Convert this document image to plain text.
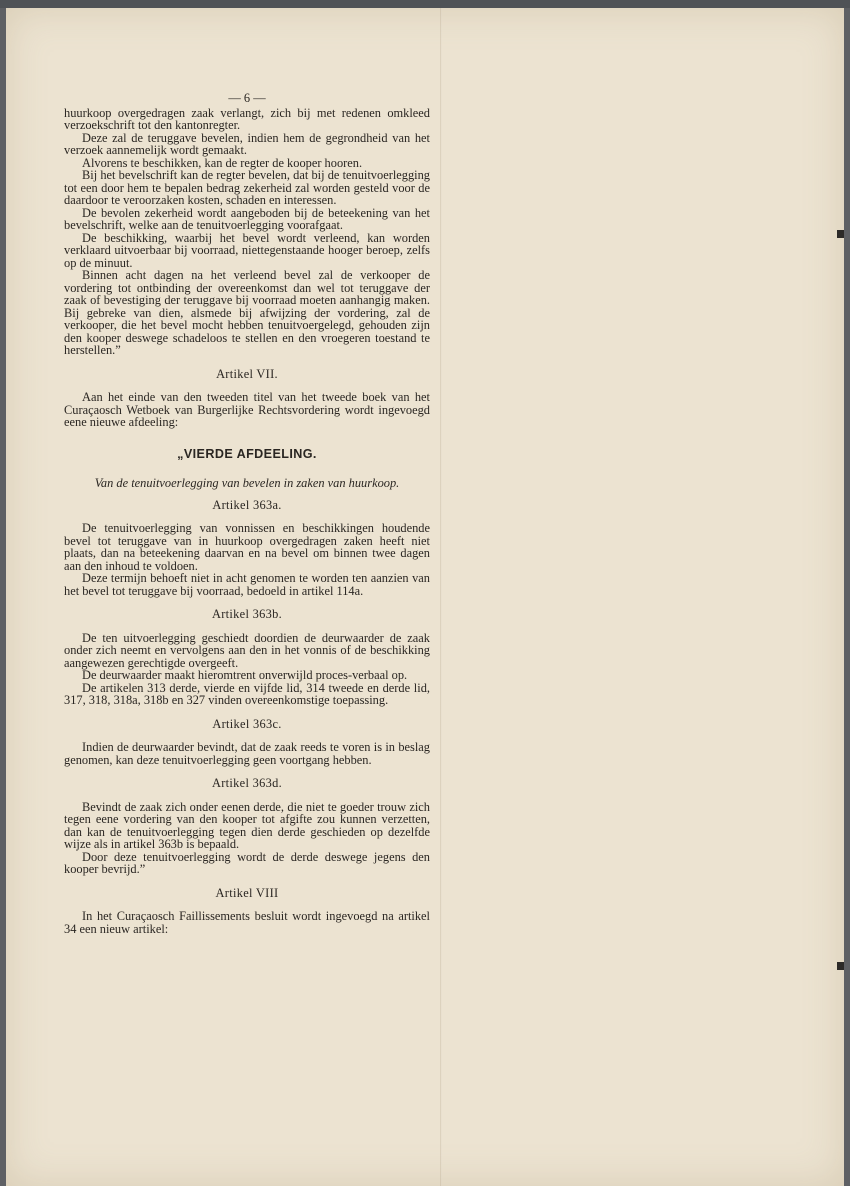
— 6 —

huurkoop overgedragen zaak verlangt, zich bij met redenen omkleed verzoekschrift tot den kantonregter.

Deze zal de teruggave bevelen, indien hem de gegrondheid van het verzoek aannemelijk wordt gemaakt.

Alvorens te beschikken, kan de regter de kooper hooren.

Bij het bevelschrift kan de regter bevelen, dat bij de tenuitvoerlegging tot een door hem te bepalen bedrag zekerheid zal worden gesteld voor de daardoor te veroorzaken kosten, schaden en interessen.

De bevolen zekerheid wordt aangeboden bij de beteekening van het bevelschrift, welke aan de tenuitvoerlegging voorafgaat.

De beschikking, waarbij het bevel wordt verleend, kan worden verklaard uitvoerbaar bij voorraad, niettegenstaande hooger beroep, zelfs op de minuut.

Binnen acht dagen na het verleend bevel zal de verkooper de vordering tot ontbinding der overeenkomst dan wel tot teruggave der zaak of bevestiging der teruggave bij voorraad moeten aanhangig maken. Bij gebreke van dien, alsmede bij afwijzing der vordering, zal de verkooper, die het bevel mocht hebben tenuitvoergelegd, gehouden zijn den kooper deswege schadeloos te stellen en den vroegeren toestand te herstellen.”

Artikel VII.

Aan het einde van den tweeden titel van het tweede boek van het Curaçaosch Wetboek van Burgerlijke Rechtsvordering wordt ingevoegd eene nieuwe afdeeling:

„VIERDE AFDEELING.
Van de tenuitvoerlegging van bevelen in zaken van huurkoop.
Artikel 363a.

De tenuitvoerlegging van vonnissen en beschikkingen houdende bevel tot teruggave van in huurkoop overgedragen zaken heeft niet plaats, dan na beteekening daarvan en na bevel om binnen twee dagen aan den inhoud te voldoen.

Deze termijn behoeft niet in acht genomen te worden ten aanzien van het bevel tot teruggave bij voorraad, bedoeld in artikel 114a.

Artikel 363b.

De ten uitvoerlegging geschiedt doordien de deurwaarder de zaak onder zich neemt en vervolgens aan den in het vonnis of de beschikking aangewezen gerechtigde overgeeft.

De deurwaarder maakt hieromtrent onverwijld proces-verbaal op.

De artikelen 313 derde, vierde en vijfde lid, 314 tweede en derde lid, 317, 318, 318a, 318b en 327 vinden overeenkomstige toepassing.

Artikel 363c.

Indien de deurwaarder bevindt, dat de zaak reeds te voren is in beslag genomen, kan deze tenuitvoerlegging geen voortgang hebben.

Artikel 363d.

Bevindt de zaak zich onder eenen derde, die niet te goeder trouw zich tegen eene vordering van den kooper tot afgifte zou kunnen verzetten, dan kan de tenuitvoerlegging tegen dien derde geschieden op dezelfde wijze als in artikel 363b is bepaald.

Door deze tenuitvoerlegging wordt de derde deswege jegens den kooper bevrijd.”

Artikel VIII

In het Curaçaosch Faillissements besluit wordt ingevoegd na artikel 34 een nieuw artikel:
